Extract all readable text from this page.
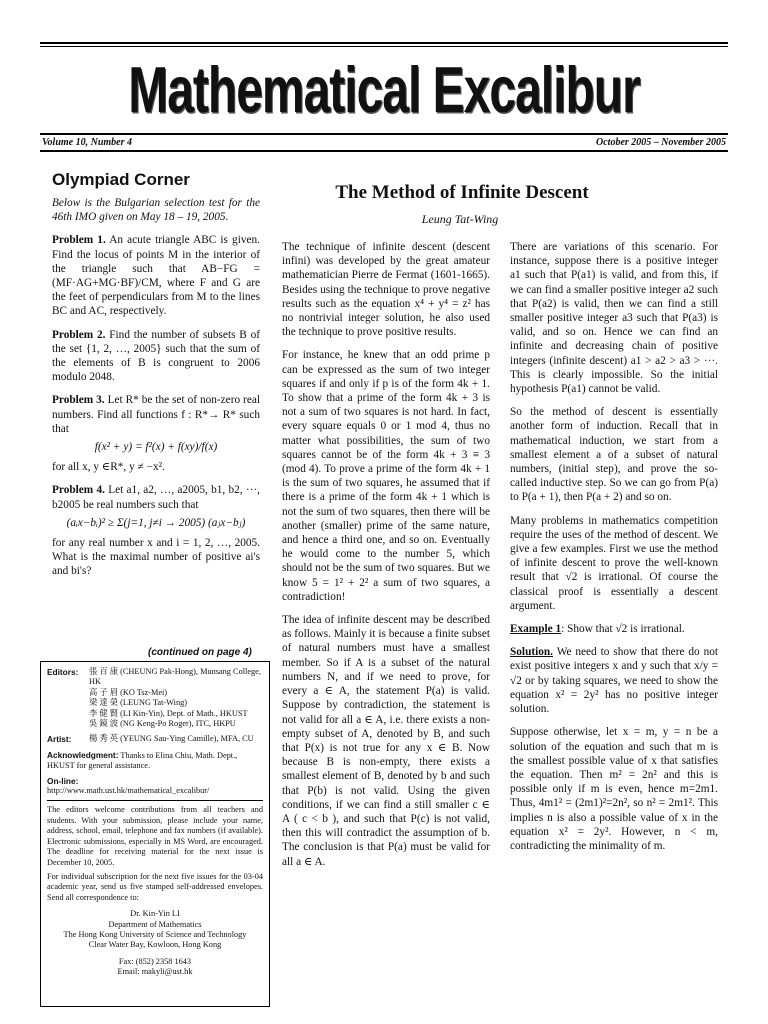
Mathematical Excalibur
Volume 10, Number 4	October 2005 – November 2005
Olympiad Corner

Below is the Bulgarian selection test for the 46th IMO given on May 18 – 19, 2005.

Problem 1. An acute triangle ABC is given. Find the locus of points M in the interior of the triangle such that AB−FG = (MF·AG+MG·BF)/CM, where F and G are the feet of perpendiculars from M to the lines BC and AC, respectively.

Problem 2. Find the number of subsets B of the set {1, 2, …, 2005} such that the sum of the elements of B is congruent to 2006 modulo 2048.

Problem 3. Let R* be the set of non-zero real numbers. Find all functions f : R*→ R* such that

f(x² + y) = f²(x) + f(xy)/f(x)

for all x, y ∈R*, y ≠ −x².

Problem 4. Let a1, a2, …, a2005, b1, b2, ···, b2005 be real numbers such that

(aᵢx−bᵢ)² ≥ Σ(j=1, j≠i → 2005) (aⱼx−bⱼ)

for any real number x and i = 1, 2, …, 2005. What is the maximal number of positive ai's and bi's?

(continued on page 4)
Editors:	張 百 康 (CHEUNG Pak-Hong), Munsang College, HK
高 子 眉 (KO Tsz-Mei)
梁 達 榮 (LEUNG Tat-Wing)
李 健 賢 (LI Kin-Yin), Dept. of Math., HKUST
吳 鏡 波 (NG Keng-Po Roger), ITC, HKPU
Artist:	楊 秀 英 (YEUNG Sau-Ying Camille), MFA, CU

Acknowledgment: Thanks to Elina Chiu, Math. Dept., HKUST for general assistance.

On-line:

http://www.math.ust.hk/mathematical_excalibur/

The editors welcome contributions from all teachers and students. With your submission, please include your name, address, school, email, telephone and fax numbers (if available). Electronic submissions, especially in MS Word, are encouraged. The deadline for receiving material for the next issue is December 10, 2005.

For individual subscription for the next five issues for the 03-04 academic year, send us five stamped self-addressed envelopes. Send all correspondence to:

Dr. Kin-Yin LI
Department of Mathematics
The Hong Kong University of Science and Technology
Clear Water Bay, Kowloon, Hong Kong
Fax: (852) 2358 1643
Email: makyli@ust.hk
The Method of Infinite Descent
Leung Tat-Wing

The technique of infinite descent (descent infini) was developed by the great amateur mathematician Pierre de Fermat (1601-1665). Besides using the technique to prove negative results such as the equation x⁴ + y⁴ = z² has no nontrivial integer solution, he also used the technique to prove positive results.

For instance, he knew that an odd prime p can be expressed as the sum of two integer squares if and only if p is of the form 4k + 1. To show that a prime of the form 4k + 3 is not a sum of two squares is not hard. In fact, every square equals 0 or 1 mod 4, thus no matter what possibilities, the sum of two squares cannot be of the form 4k + 3 ≡ 3 (mod 4). To prove a prime of the form 4k + 1 is the sum of two squares, he assumed that if there is a prime of the form 4k + 1 which is not the sum of two squares, then there will be another (smaller) prime of the same nature, and hence a third one, and so on. Eventually he would come to the number 5, which should not be the sum of two squares. But we know 5 = 1² + 2² a sum of two squares, a contradiction!

The idea of infinite descent may be described as follows. Mainly it is because a finite subset of natural numbers must have a smallest member. So if A is a subset of the natural numbers N, and if we need to prove, for every a ∈ A, the statement P(a) is valid. Suppose by contradiction, the statement is not valid for all a ∈ A, i.e. there exists a non-empty subset of A, denoted by B, and such that P(x) is not true for any x ∈ B. Now because B is non-empty, there exists a smallest element of B, denoted by b and such that P(b) is not valid. Using the given conditions, if we can find a still smaller c ∈ A ( c < b ), and such that P(c) is not valid, then this will contradict the assumption of b. The conclusion is that P(a) must be valid for all a ∈ A.

There are variations of this scenario. For instance, suppose there is a positive integer a1 such that P(a1) is valid, and from this, if we can find a smaller positive integer a2 such that P(a2) is valid, then we can find a still smaller positive integer a3 such that P(a3) is valid, and so on. Hence we can find an infinite and decreasing chain of positive integers (infinite descent) a1 > a2 > a3 > ···. This is clearly impossible. So the initial hypothesis P(a1) cannot be valid.

So the method of descent is essentially another form of induction. Recall that in mathematical induction, we start from a smallest element a of a subset of natural numbers, (initial step), and prove the so-called inductive step. So we can go from P(a) to P(a + 1), then P(a + 2) and so on.

Many problems in mathematics competition require the uses of the method of descent. We give a few examples. First we use the method of infinite descent to prove the well-known result that √2 is irrational. Of course the classical proof is essentially a descent argument.

Example 1: Show that √2 is irrational.

Solution. We need to show that there do not exist positive integers x and y such that x/y = √2 or by taking squares, we need to show the equation x² = 2y² has no positive integer solution.

Suppose otherwise, let x = m, y = n be a solution of the equation and such that m is the smallest possible value of x that satisfies the equation. Then m² = 2n² and this is possible only if m is even, hence m=2m1. Thus, 4m1² = (2m1)²=2n², so n² = 2m1². This implies n is also a possible value of x in the equation x² = 2y². However, n < m, contradicting the minimality of m.
